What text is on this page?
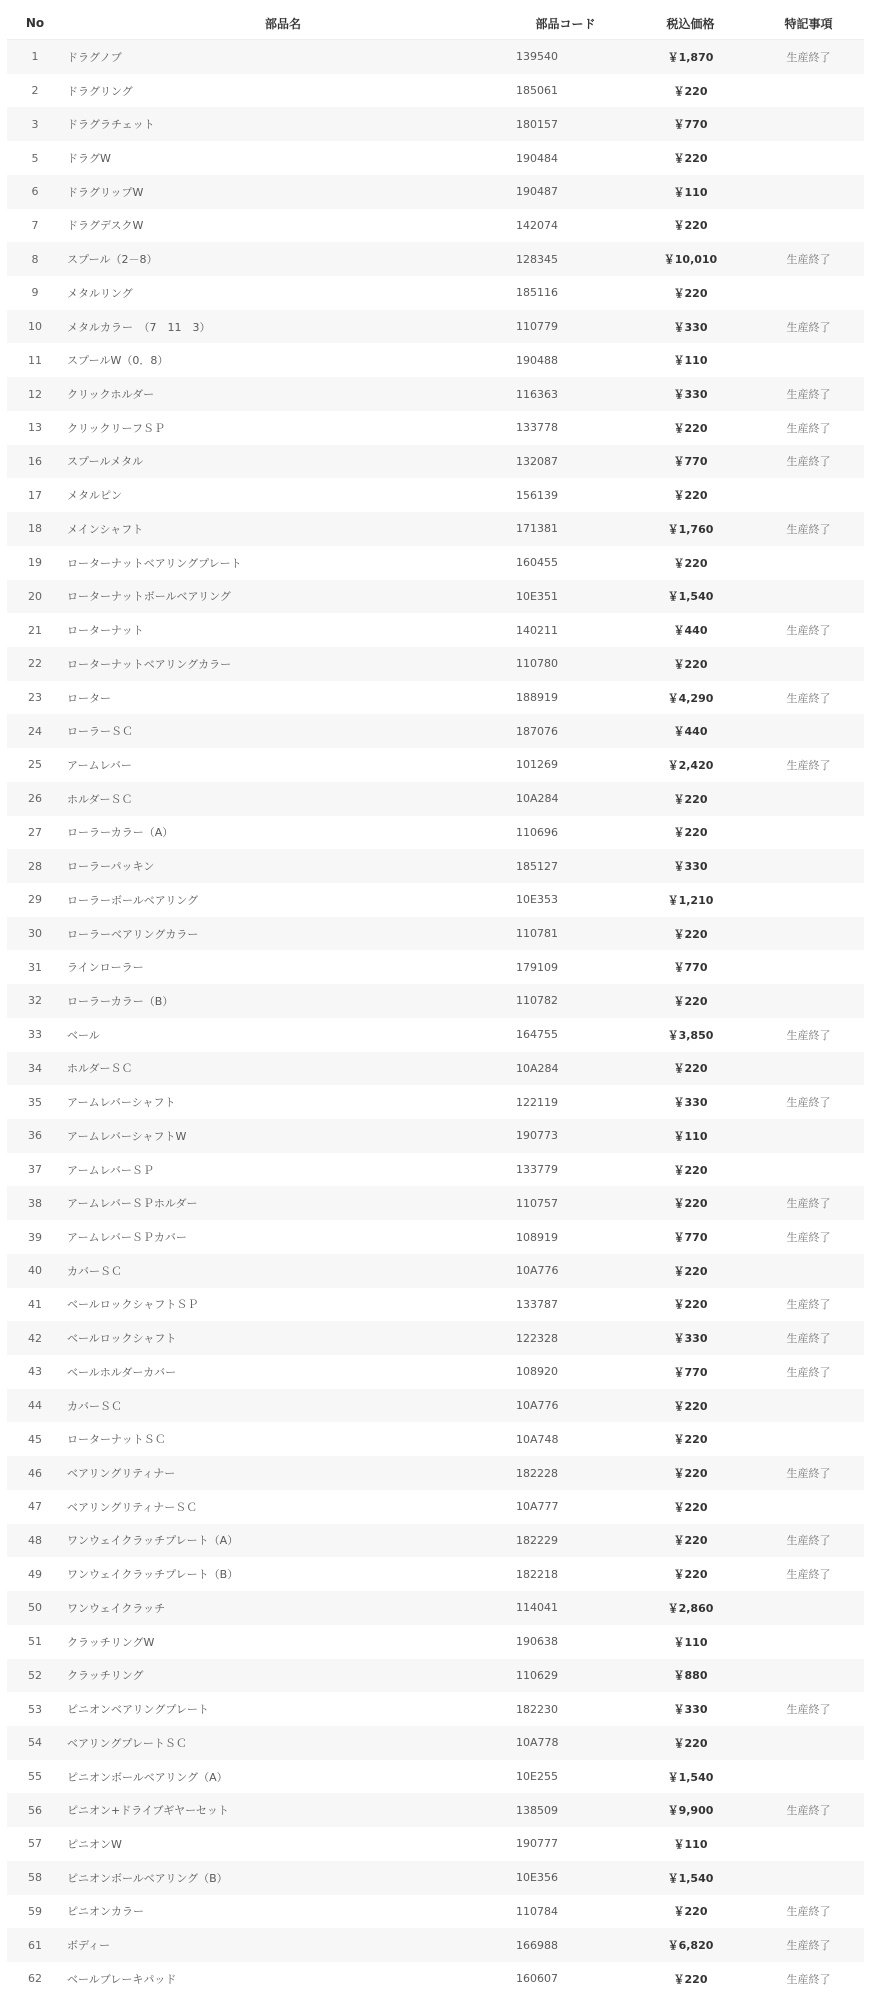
No	部品名	部品コード	税込価格	特記事項
1	ドラグノブ	139540	￥1,870	生産終了
2	ドラグリング	185061	￥220	
3	ドラグラチェット	180157	￥770	
5	ドラグW	190484	￥220	
6	ドラグリップW	190487	￥110	
7	ドラグデスクW	142074	￥220	
8	スプール（2－8）	128345	￥10,010	生産終了
9	メタルリング	185116	￥220	
10	メタルカラー　（7　11　3）	110779	￥330	生産終了
11	スプールW（0．8）	190488	￥110	
12	クリックホルダー	116363	￥330	生産終了
13	クリックリーフＳＰ	133778	￥220	生産終了
16	スプールメタル	132087	￥770	生産終了
17	メタルピン	156139	￥220	
18	メインシャフト	171381	￥1,760	生産終了
19	ローターナットベアリングプレート	160455	￥220	
20	ローターナットボールベアリング	10E351	￥1,540	
21	ローターナット	140211	￥440	生産終了
22	ローターナットベアリングカラー	110780	￥220	
23	ローター	188919	￥4,290	生産終了
24	ローラーＳＣ	187076	￥440	
25	アームレバー	101269	￥2,420	生産終了
26	ホルダーＳＣ	10A284	￥220	
27	ローラーカラー（A）	110696	￥220	
28	ローラーパッキン	185127	￥330	
29	ローラーボールベアリング	10E353	￥1,210	
30	ローラーベアリングカラー	110781	￥220	
31	ラインローラー	179109	￥770	
32	ローラーカラー（B）	110782	￥220	
33	ベール	164755	￥3,850	生産終了
34	ホルダーＳＣ	10A284	￥220	
35	アームレバーシャフト	122119	￥330	生産終了
36	アームレバーシャフトW	190773	￥110	
37	アームレバーＳＰ	133779	￥220	
38	アームレバーＳＰホルダー	110757	￥220	生産終了
39	アームレバーＳＰカバー	108919	￥770	生産終了
40	カバーＳＣ	10A776	￥220	
41	ベールロックシャフトＳＰ	133787	￥220	生産終了
42	ベールロックシャフト	122328	￥330	生産終了
43	ベールホルダーカバー	108920	￥770	生産終了
44	カバーＳＣ	10A776	￥220	
45	ローターナットＳＣ	10A748	￥220	
46	ベアリングリティナー	182228	￥220	生産終了
47	ベアリングリティナーＳＣ	10A777	￥220	
48	ワンウェイクラッチプレート（A）	182229	￥220	生産終了
49	ワンウェイクラッチプレート（B）	182218	￥220	生産終了
50	ワンウェイクラッチ	114041	￥2,860	
51	クラッチリングW	190638	￥110	
52	クラッチリング	110629	￥880	
53	ピニオンベアリングプレート	182230	￥330	生産終了
54	ベアリングプレートＳＣ	10A778	￥220	
55	ピニオンボールベアリング（A）	10E255	￥1,540	
56	ピニオン+ドライブギヤーセット	138509	￥9,900	生産終了
57	ピニオンW	190777	￥110	
58	ピニオンボールベアリング（B）	10E356	￥1,540	
59	ピニオンカラー	110784	￥220	生産終了
61	ボディー	166988	￥6,820	生産終了
62	ベールブレーキパッド	160607	￥220	生産終了
